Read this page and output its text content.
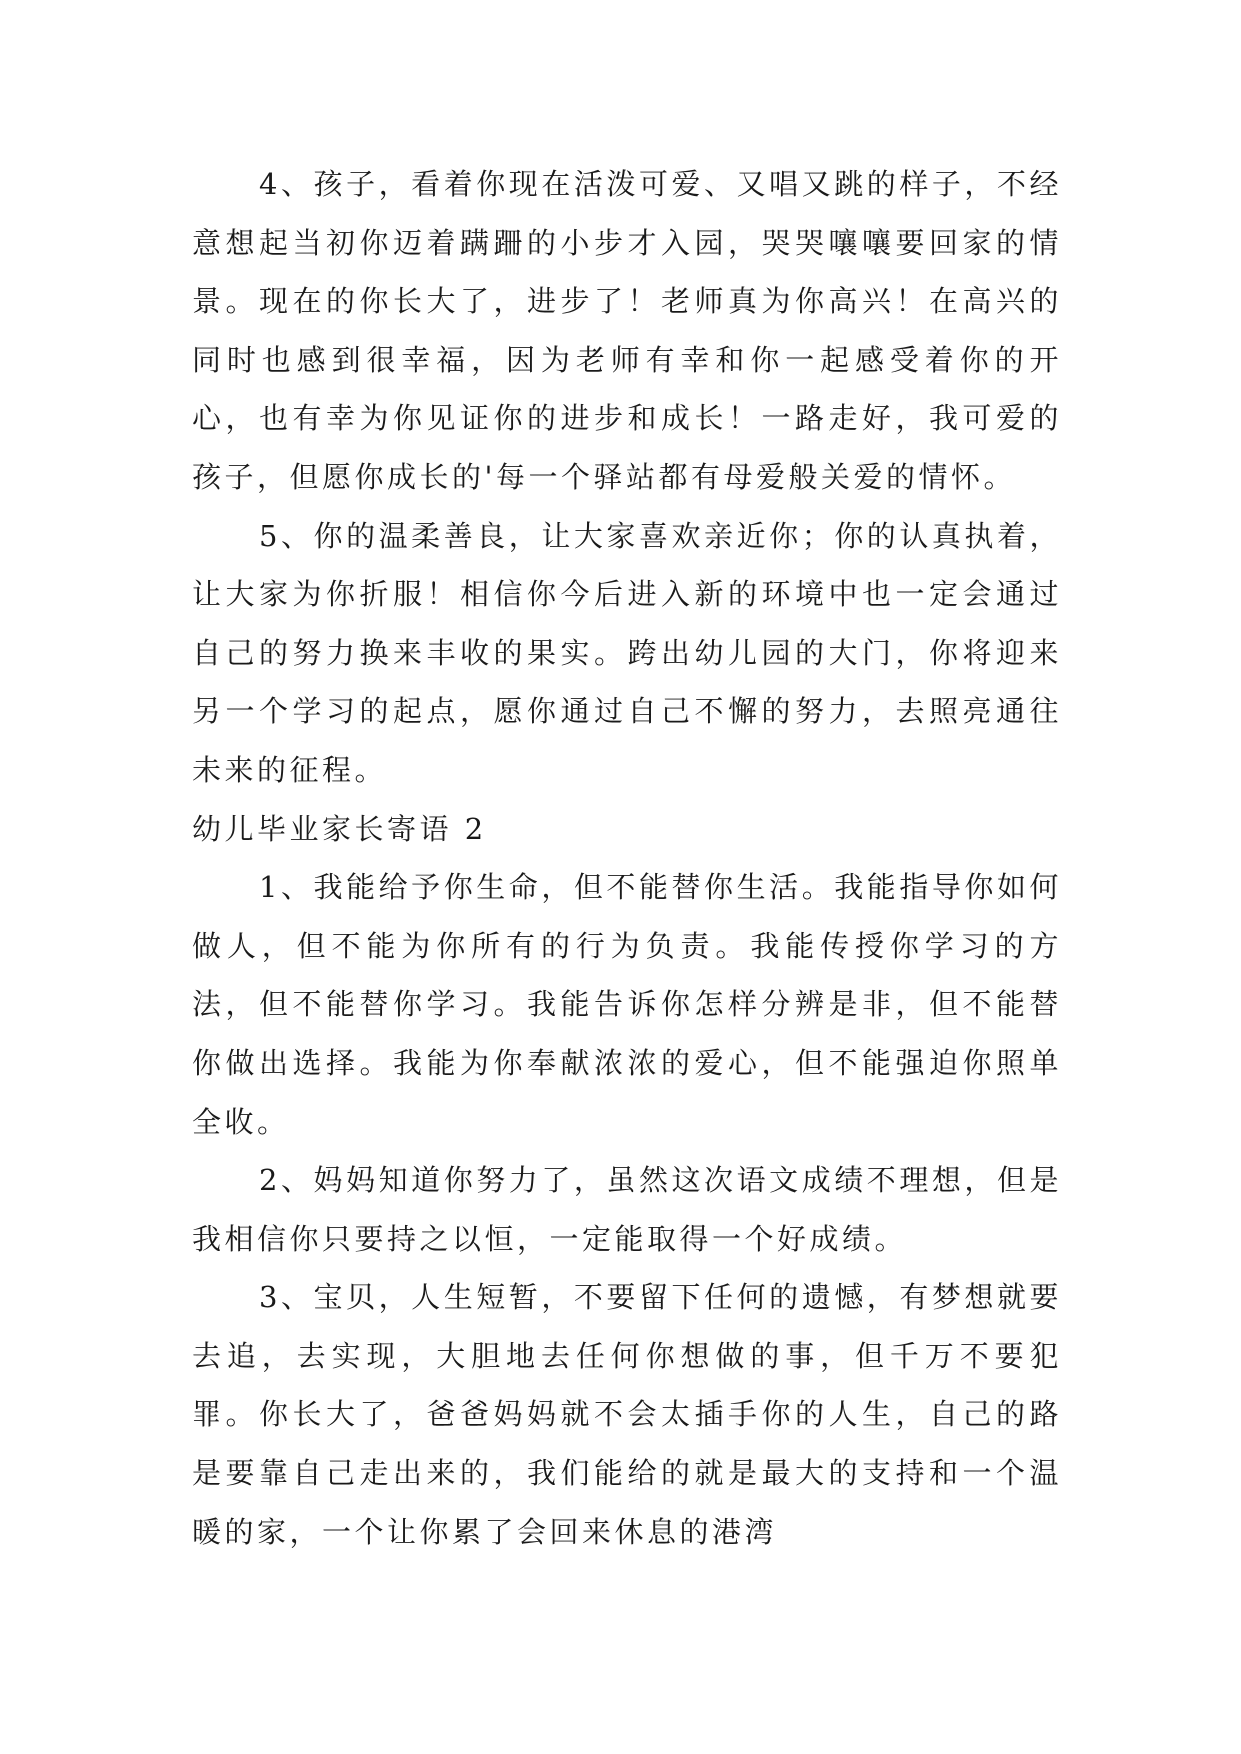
4、孩子，看着你现在活泼可爱、又唱又跳的样子，不经意想起当初你迈着蹒跚的小步才入园，哭哭嚷嚷要回家的情景。现在的你长大了，进步了！老师真为你高兴！在高兴的同时也感到很幸福，因为老师有幸和你一起感受着你的开心，也有幸为你见证你的进步和成长！一路走好，我可爱的孩子，但愿你成长的'每一个驿站都有母爱般关爱的情怀。

5、你的温柔善良，让大家喜欢亲近你；你的认真执着，让大家为你折服！相信你今后进入新的环境中也一定会通过自己的努力换来丰收的果实。跨出幼儿园的大门，你将迎来另一个学习的起点，愿你通过自己不懈的努力，去照亮通往未来的征程。

幼儿毕业家长寄语 2

1、我能给予你生命，但不能替你生活。我能指导你如何做人，但不能为你所有的行为负责。我能传授你学习的方法，但不能替你学习。我能告诉你怎样分辨是非，但不能替你做出选择。我能为你奉献浓浓的爱心，但不能强迫你照单全收。

2、妈妈知道你努力了，虽然这次语文成绩不理想，但是我相信你只要持之以恒，一定能取得一个好成绩。

3、宝贝，人生短暂，不要留下任何的遗憾，有梦想就要去追，去实现，大胆地去任何你想做的事，但千万不要犯罪。你长大了，爸爸妈妈就不会太插手你的人生，自己的路是要靠自己走出来的，我们能给的就是最大的支持和一个温暖的家，一个让你累了会回来休息的港湾
